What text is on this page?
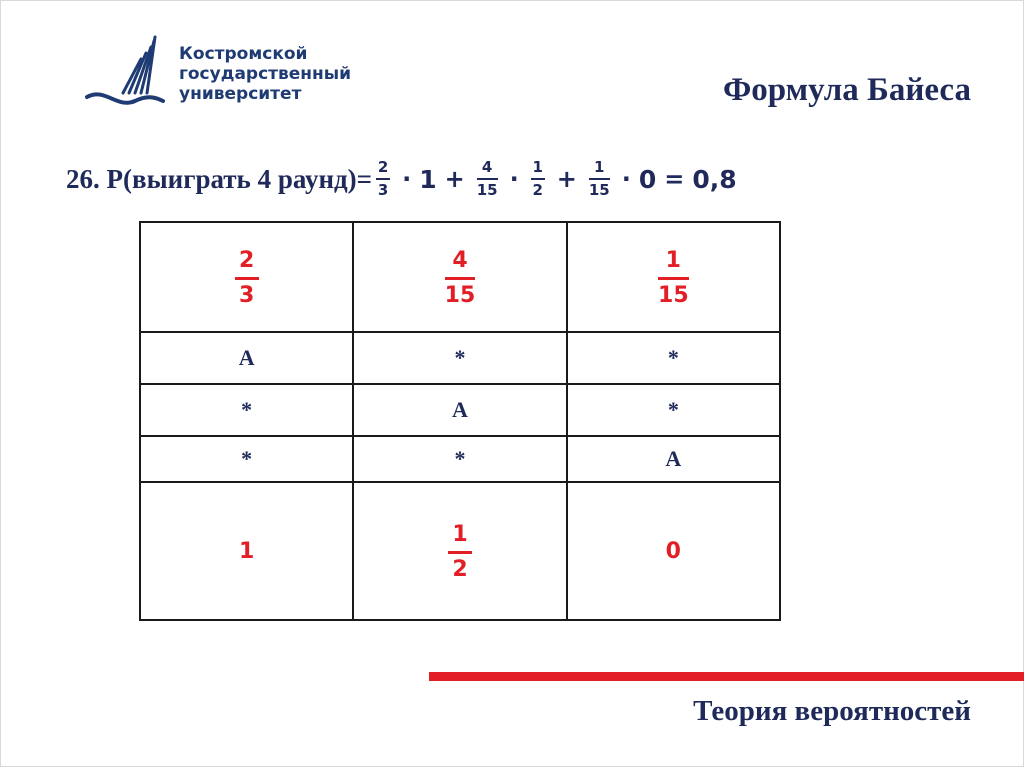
Костромской
государственный
университет	Формула Байеса
26. P(выиграть 4 раунд)= $\frac{2}{3} \cdot 1 + \frac{4}{15} \cdot \frac{1}{2} + \frac{1}{15} \cdot 0 = 0,8$
$\frac{2}{3}$	$\frac{4}{15}$	$\frac{1}{15}$

А	*	*
*	А	*
*	*	А
1	$\frac{1}{2}$	0
Теория вероятностей
